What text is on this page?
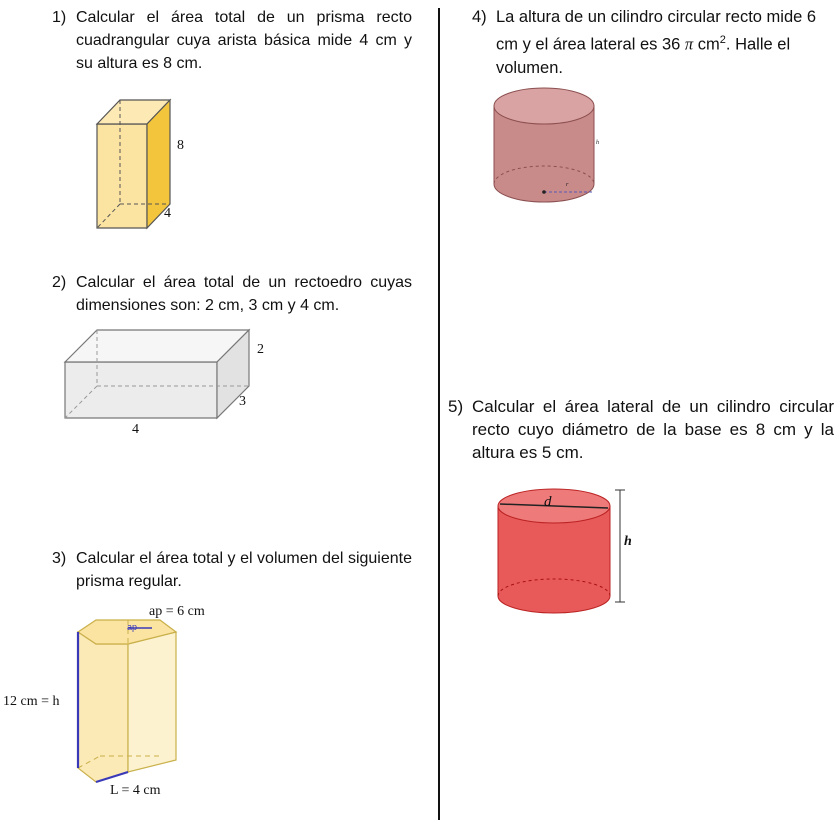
1) Calcular el área total de un prisma recto cuadrangular cuya arista básica mide 4 cm y su altura es 8 cm.
8
4
2) Calcular el área total de un rectoedro cuyas dimensiones son: 2 cm, 3 cm y 4 cm.
2
3
4
3) Calcular el área total y el volumen del siguiente prisma regular.
ap = 6 cm
ap
12 cm = h
L = 4 cm
4) La altura de un cilindro circular recto mide 6 cm y el área lateral es 36 π $cm^2$. Halle el volumen.
h
r
5) Calcular el área lateral de un cilindro circular recto cuyo diámetro de la base es 8 cm y la altura es 5 cm.
d
h
